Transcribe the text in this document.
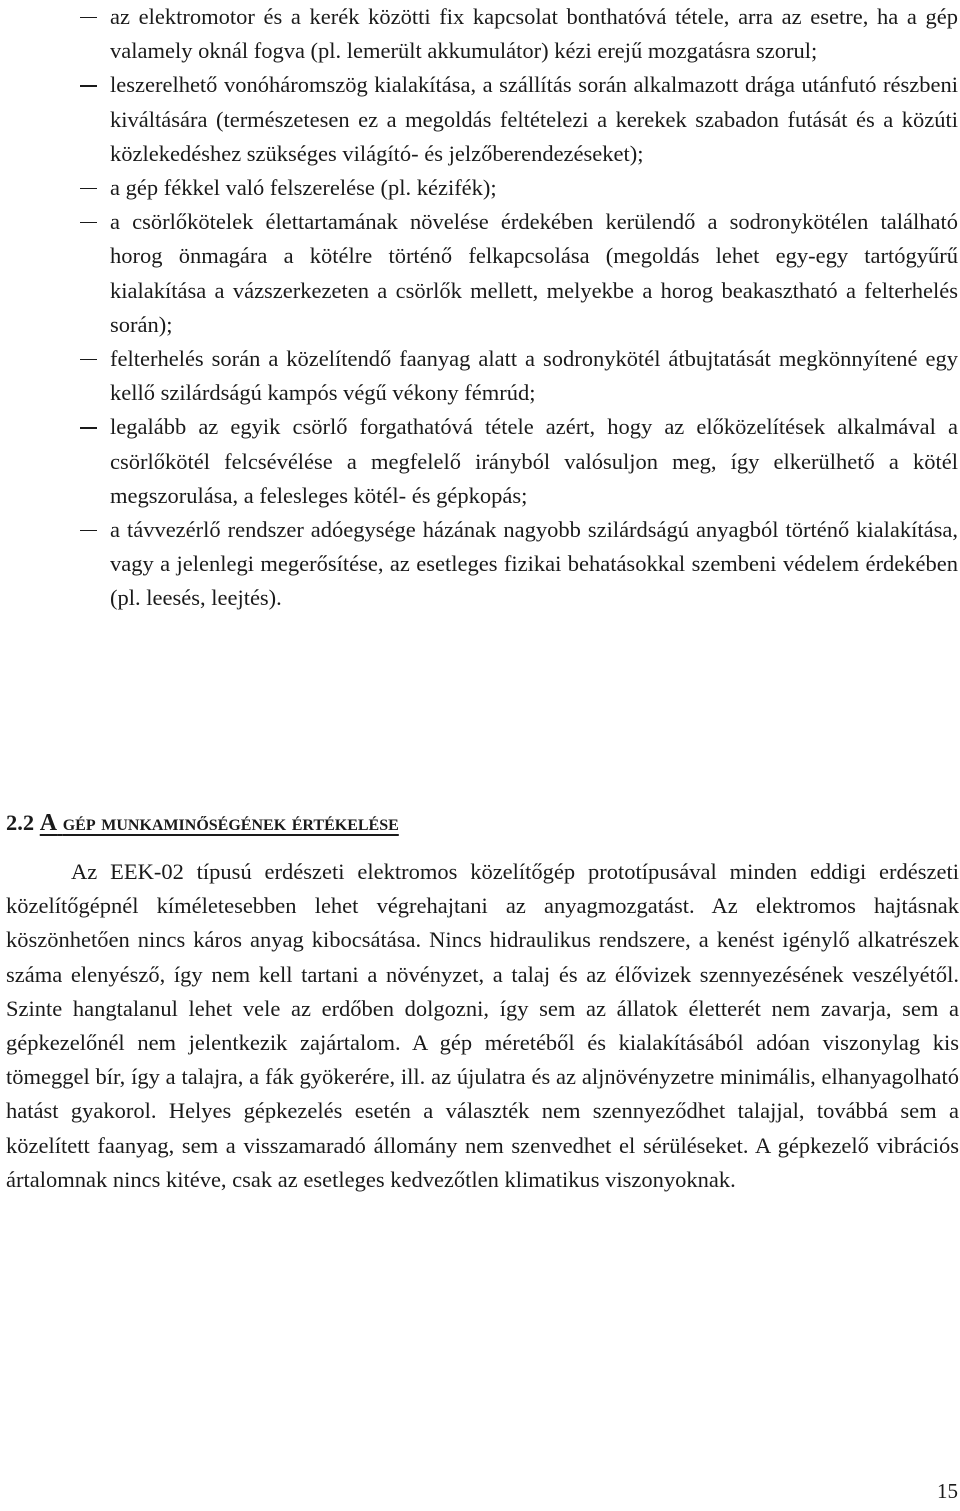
az elektromotor és a kerék közötti fix kapcsolat bonthatóvá tétele, arra az esetre, ha a gép valamely oknál fogva (pl. lemerült akkumulátor) kézi erejű mozgatásra szorul;
leszerelhető vonóháromszög kialakítása, a szállítás során alkalmazott drága utánfutó részbeni kiváltására (természetesen ez a megoldás feltételezi a kerekek szabadon futását és a közúti közlekedéshez szükséges világító- és jelzőberendezéseket);
a gép fékkel való felszerelése (pl. kézifék);
a csörlőkötelek élettartamának növelése érdekében kerülendő a sodronykötélen található horog önmagára a kötélre történő felkapcsolása (megoldás lehet egy-egy tartógyűrű kialakítása a vázszerkezeten a csörlők mellett, melyekbe a horog beakasztható a felterhelés során);
felterhelés során a közelítendő faanyag alatt a sodronykötél átbujtatását megkönnyítené egy kellő szilárdságú kampós végű vékony fémrúd;
legalább az egyik csörlő forgathatóvá tétele azért, hogy az előközelítések alkalmával a csörlőkötél felcsévélése a megfelelő irányból valósuljon meg, így elkerülhető a kötél megszorulása, a felesleges kötél- és gépkopás;
a távvezérlő rendszer adóegysége házának nagyobb szilárdságú anyagból történő kialakítása, vagy a jelenlegi megerősítése, az esetleges fizikai behatásokkal szembeni védelem érdekében (pl. leesés, leejtés).
2.2 A gép munkaminőségének értékelése

Az EEK-02 típusú erdészeti elektromos közelítőgép prototípusával minden eddigi erdészeti közelítőgépnél kíméletesebben lehet végrehajtani az anyagmozgatást. Az elektromos hajtásnak köszönhetően nincs káros anyag kibocsátása. Nincs hidraulikus rendszere, a kenést igénylő alkatrészek száma elenyésző, így nem kell tartani a növényzet, a talaj és az élővizek szennyezésének veszélyétől. Szinte hangtalanul lehet vele az erdőben dolgozni, így sem az állatok életterét nem zavarja, sem a gépkezelőnél nem jelentkezik zajártalom. A gép méretéből és kialakításából adóan viszonylag kis tömeggel bír, így a talajra, a fák gyökerére, ill. az újulatra és az aljnövényzetre minimális, elhanyagolható hatást gyakorol. Helyes gépkezelés esetén a választék nem szennyeződhet talajjal, továbbá sem a közelített faanyag, sem a visszamaradó állomány nem szenvedhet el sérüléseket. A gépkezelő vibrációs ártalomnak nincs kitéve, csak az esetleges kedvezőtlen klimatikus viszonyoknak.

15
